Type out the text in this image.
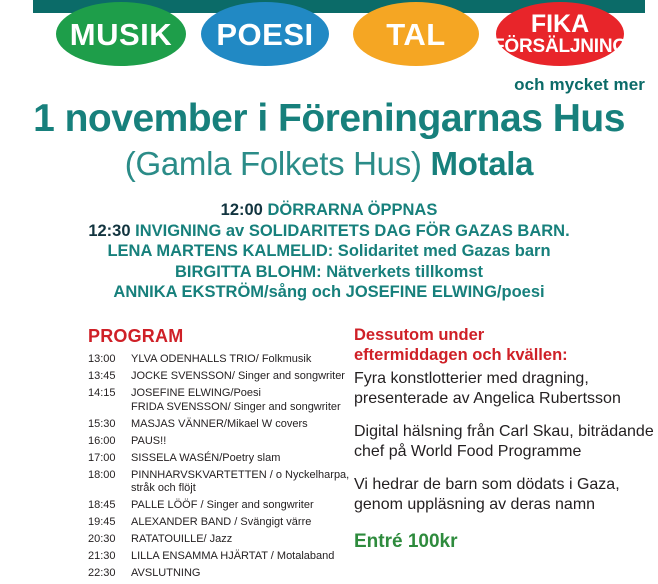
MUSIK POESI TAL	FIKA
FÖRSÄLJNING
och mycket mer
1 november i Föreningarnas Hus
(Gamla Folkets Hus) Motala
12:00 DÖRRARNA ÖPPNAS
12:30 INVIGNING av SOLIDARITETS DAG FÖR GAZAS BARN.
LENA MARTENS KALMELID: Solidaritet med Gazas barn
BIRGITTA BLOHM: Nätverkets tillkomst
ANNIKA EKSTRÖM/sång och JOSEFINE ELWING/poesi
PROGRAM
13:00	YLVA ODENHALLS TRIO/ Folkmusik
13:45	JOCKE SVENSSON/ Singer and songwriter
14:15	JOSEFINE ELWING/Poesi
FRIDA SVENSSON/ Singer and songwriter
15:30	MASJAS VÄNNER/Mikael W covers
16:00	PAUS!!
17:00	SISSELA WASÉN/Poetry slam
18:00	PINNHARVSKVARTETTEN / o Nyckelharpa,
stråk och flöjt
18:45	PALLE LÖÖF / Singer and songwriter
19:45	ALEXANDER BAND / Svängigt värre
20:30	RATATOUILLE/ Jazz
21:30	LILLA ENSAMMA HJÄRTAT / Motalaband
22:30	AVSLUTNING
Dessutom under
eftermiddagen och kvällen:
Fyra konstlotterier med dragning, presenterade av Angelica Rubertsson
Digital hälsning från Carl Skau, biträdande chef på World Food Programme
Vi hedrar de barn som dödats i Gaza, genom uppläsning av deras namn
Entré 100kr
